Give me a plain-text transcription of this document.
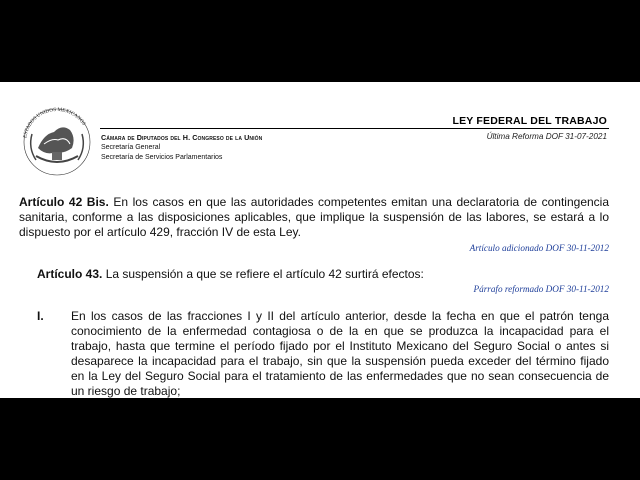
ESTADOS UNIDOS MEXICANOS	LEY FEDERAL DEL TRABAJO
Última Reforma DOF 31-07-2021
Cámara de Diputados del H. Congreso de la Unión
Secretaría General
Secretaría de Servicios Parlamentarios
Artículo 42 Bis. En los casos en que las autoridades competentes emitan una declaratoria de contingencia sanitaria, conforme a las disposiciones aplicables, que implique la suspensión de las labores, se estará a lo dispuesto por el artículo 429, fracción IV de esta Ley.
Artículo adicionado DOF 30-11-2012
Artículo 43. La suspensión a que se refiere el artículo 42 surtirá efectos:
Párrafo reformado DOF 30-11-2012
I. En los casos de las fracciones I y II del artículo anterior, desde la fecha en que el patrón tenga conocimiento de la enfermedad contagiosa o de la en que se produzca la incapacidad para el trabajo, hasta que termine el período fijado por el Instituto Mexicano del Seguro Social o antes si desaparece la incapacidad para el trabajo, sin que la suspensión pueda exceder del término fijado en la Ley del Seguro Social para el tratamiento de las enfermedades que no sean consecuencia de un riesgo de trabajo;
